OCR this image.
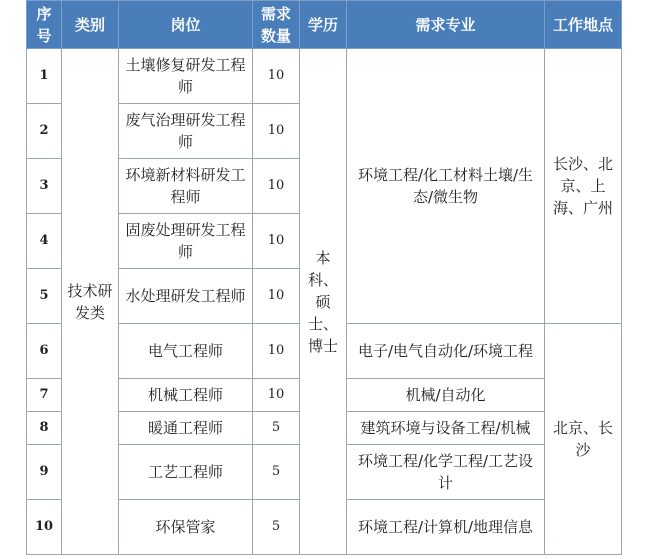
序号	类别	岗位	需求数量	学历	需求专业	工作地点
1	技术研发类	土壤修复研发工程师	10	本科、硕士、博士	环境工程/化工材料土壤/生态/微生物	长沙、北京、上海、广州
2		废气治理研发工程师	10			
3		环境新材料研发工程师	10			
4		固废处理研发工程师	10			
5		水处理研发工程师	10			
6		电气工程师	10		电子/电气自动化/环境工程	北京、长沙
7		机械工程师	10		机械/自动化	
8		暖通工程师	5		建筑环境与设备工程/机械	
9		工艺工程师	5		环境工程/化学工程/工艺设计	
10		环保管家	5		环境工程/计算机/地理信息	
